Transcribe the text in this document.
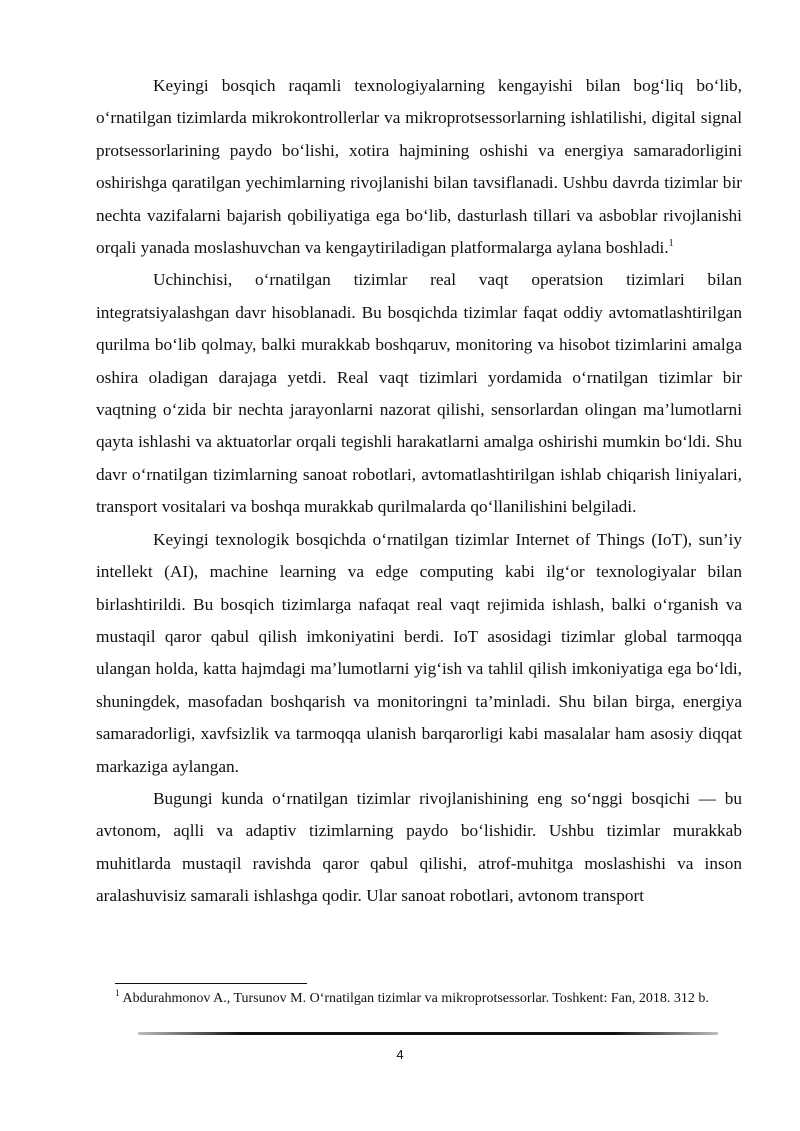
Keyingi bosqich raqamli texnologiyalarning kengayishi bilan bog‘liq bo‘lib, o‘rnatilgan tizimlarda mikrokontrollerlar va mikroprotsessorlarning ishlatilishi, digital signal protsessorlarining paydo bo‘lishi, xotira hajmining oshishi va energiya samaradorligini oshirishga qaratilgan yechimlarning rivojlanishi bilan tavsiflanadi. Ushbu davrda tizimlar bir nechta vazifalarni bajarish qobiliyatiga ega bo‘lib, dasturlash tillari va asboblar rivojlanishi orqali yanada moslashuvchan va kengaytiriladigan platformalarga aylana boshladi.$^1$

Uchinchisi, o‘rnatilgan tizimlar real vaqt operatsion tizimlari bilan integratsiyalashgan davr hisoblanadi. Bu bosqichda tizimlar faqat oddiy avtomatlashtirilgan qurilma bo‘lib qolmay, balki murakkab boshqaruv, monitoring va hisobot tizimlarini amalga oshira oladigan darajaga yetdi. Real vaqt tizimlari yordamida o‘rnatilgan tizimlar bir vaqtning o‘zida bir nechta jarayonlarni nazorat qilishi, sensorlardan olingan ma’lumotlarni qayta ishlashi va aktuatorlar orqali tegishli harakatlarni amalga oshirishi mumkin bo‘ldi. Shu davr o‘rnatilgan tizimlarning sanoat robotlari, avtomatlashtirilgan ishlab chiqarish liniyalari, transport vositalari va boshqa murakkab qurilmalarda qo‘llanilishini belgiladi.

Keyingi texnologik bosqichda o‘rnatilgan tizimlar Internet of Things (IoT), sun’iy intellekt (AI), machine learning va edge computing kabi ilg‘or texnologiyalar bilan birlashtirildi. Bu bosqich tizimlarga nafaqat real vaqt rejimida ishlash, balki o‘rganish va mustaqil qaror qabul qilish imkoniyatini berdi. IoT asosidagi tizimlar global tarmoqqa ulangan holda, katta hajmdagi ma’lumotlarni yig‘ish va tahlil qilish imkoniyatiga ega bo‘ldi, shuningdek, masofadan boshqarish va monitoringni ta’minladi. Shu bilan birga, energiya samaradorligi, xavfsizlik va tarmoqqa ulanish barqarorligi kabi masalalar ham asosiy diqqat markaziga aylangan.

Bugungi kunda o‘rnatilgan tizimlar rivojlanishining eng so‘nggi bosqichi — bu avtonom, aqlli va adaptiv tizimlarning paydo bo‘lishidir. Ushbu tizimlar murakkab muhitlarda mustaqil ravishda qaror qabul qilishi, atrof-muhitga moslashishi va inson aralashuvisiz samarali ishlashga qodir. Ular sanoat robotlari, avtonom transport

$^1$ Abdurahmonov A., Tursunov M. O‘rnatilgan tizimlar va mikroprotsessorlar. Toshkent: Fan, 2018. 312 b.
4
